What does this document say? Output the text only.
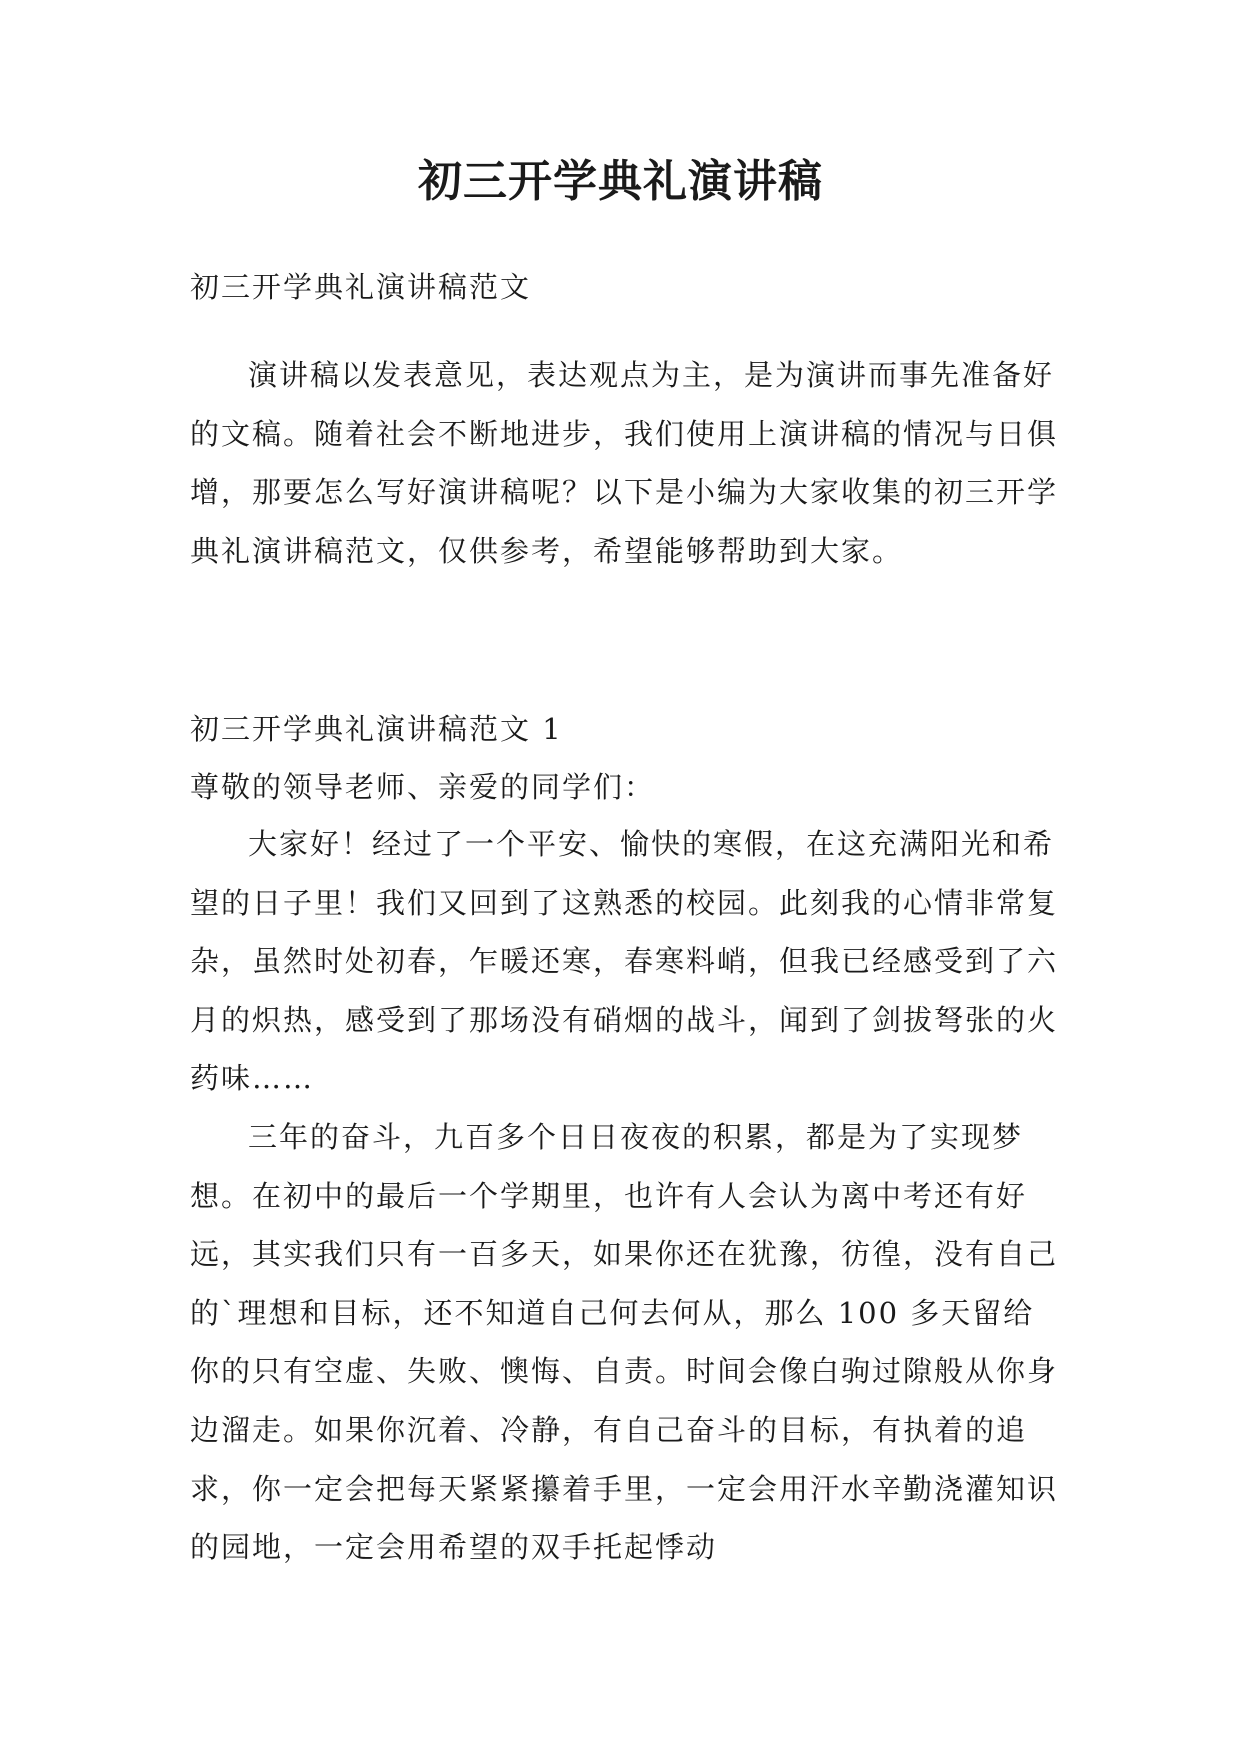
初三开学典礼演讲稿

初三开学典礼演讲稿范文

演讲稿以发表意见，表达观点为主，是为演讲而事先准备好的文稿。随着社会不断地进步，我们使用上演讲稿的情况与日俱增，那要怎么写好演讲稿呢？以下是小编为大家收集的初三开学典礼演讲稿范文，仅供参考，希望能够帮助到大家。

初三开学典礼演讲稿范文 1

尊敬的领导老师、亲爱的同学们：

大家好！经过了一个平安、愉快的寒假，在这充满阳光和希望的日子里！我们又回到了这熟悉的校园。此刻我的心情非常复杂，虽然时处初春，乍暖还寒，春寒料峭，但我已经感受到了六月的炽热，感受到了那场没有硝烟的战斗，闻到了剑拔弩张的火药味……

三年的奋斗，九百多个日日夜夜的积累，都是为了实现梦想。在初中的最后一个学期里，也许有人会认为离中考还有好远，其实我们只有一百多天，如果你还在犹豫，彷徨，没有自己的`理想和目标，还不知道自己何去何从，那么 100 多天留给你的只有空虚、失败、懊悔、自责。时间会像白驹过隙般从你身边溜走。如果你沉着、冷静，有自己奋斗的目标，有执着的追求，你一定会把每天紧紧攥着手里，一定会用汗水辛勤浇灌知识的园地，一定会用希望的双手托起悸动
